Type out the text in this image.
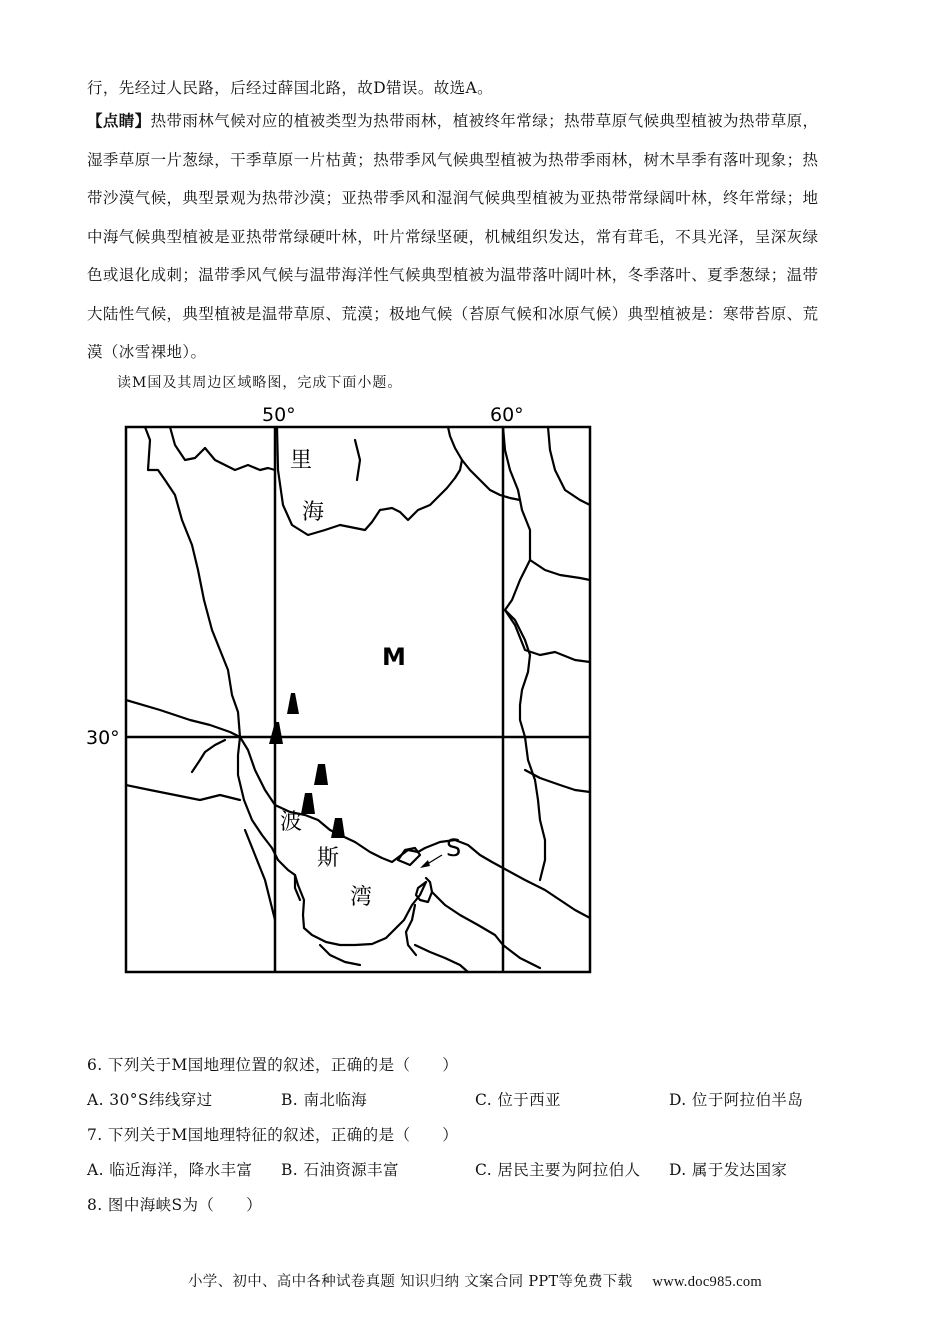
行，先经过人民路，后经过薛国北路，故D错误。故选A。
【点睛】热带雨林气候对应的植被类型为热带雨林，植被终年常绿；热带草原气候典型植被为热带草原，
湿季草原一片葱绿，干季草原一片枯黄；热带季风气候典型植被为热带季雨林，树木旱季有落叶现象；热
带沙漠气候，典型景观为热带沙漠；亚热带季风和湿润气候典型植被为亚热带常绿阔叶林，终年常绿；地
中海气候典型植被是亚热带常绿硬叶林，叶片常绿坚硬，机械组织发达，常有茸毛，不具光泽，呈深灰绿
色或退化成刺；温带季风气候与温带海洋性气候典型植被为温带落叶阔叶林，冬季落叶、夏季葱绿；温带
大陆性气候，典型植被是温带草原、荒漠；极地气候（苔原气候和冰原气候）典型植被是：寒带苔原、荒
漠（冰雪裸地）。
读M国及其周边区域略图，完成下面小题。
50°	60°
30°
里
海
M
波
斯
湾
S
6. 下列关于M国地理位置的叙述，正确的是（　　）
A. 30°S纬线穿过	B. 南北临海	C. 位于西亚	D. 位于阿拉伯半岛
7. 下列关于M国地理特征的叙述，正确的是（　　）
A. 临近海洋，降水丰富 B. 石油资源丰富	C. 居民主要为阿拉伯人 D. 属于发达国家
8. 图中海峡S为（　　）
小学、初中、高中各种试卷真题 知识归纳 文案合同 PPT等免费下载 www.doc985.com
